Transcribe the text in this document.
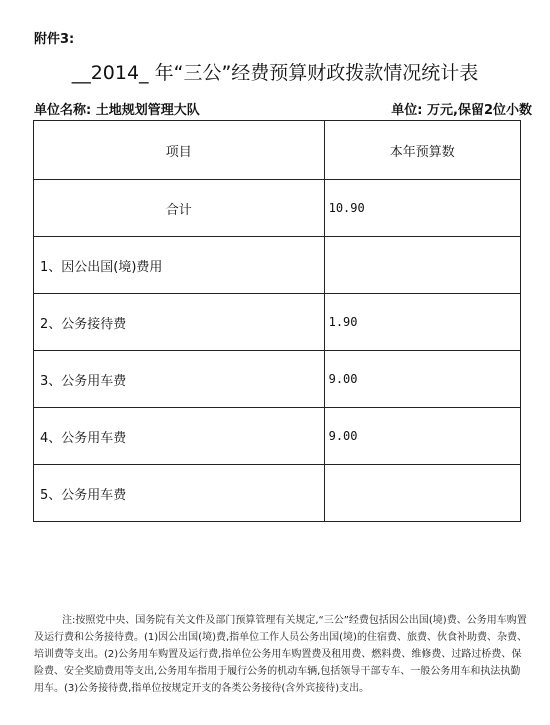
附件3:
__2014_ 年“三公”经费预算财政拨款情况统计表
单位名称: 土地规划管理大队	单位: 万元,保留2位小数
项目	本年预算数
合计	10.90
1、因公出国(境)费用	
2、公务接待费	1.90
3、公务用车费	9.00
4、公务用车费	9.00
5、公务用车费	
注:按照党中央、国务院有关文件及部门预算管理有关规定,“三公”经费包括因公出国(境)费、公务用车购置及运行费和公务接待费。(1)因公出国(境)费,指单位工作人员公务出国(境)的住宿费、旅费、伙食补助费、杂费、培训费等支出。(2)公务用车购置及运行费,指单位公务用车购置费及租用费、燃料费、维修费、过路过桥费、保险费、安全奖励费用等支出,公务用车指用于履行公务的机动车辆,包括领导干部专车、一般公务用车和执法执勤用车。(3)公务接待费,指单位按规定开支的各类公务接待(含外宾接待)支出。
